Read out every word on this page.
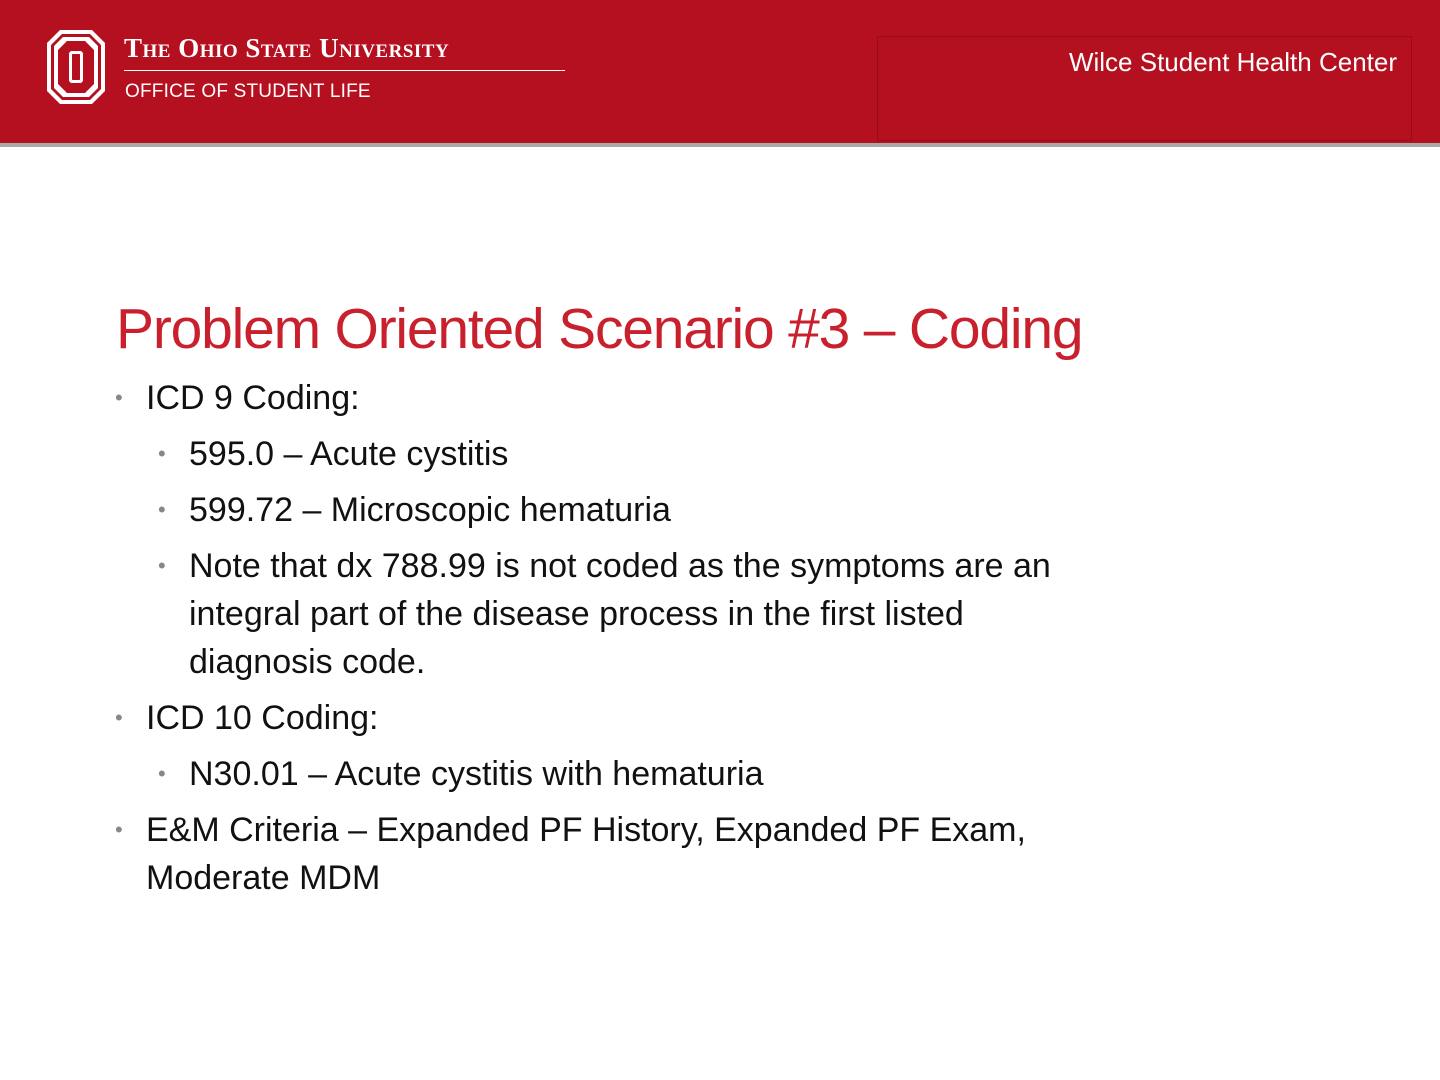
The Ohio State University
OFFICE OF STUDENT LIFE
Wilce Student Health Center
Problem Oriented Scenario #3 – Coding
• ICD 9 Coding:
• 595.0 – Acute cystitis
• 599.72 – Microscopic hematuria
• Note that dx 788.99 is not coded as the symptoms are an
integral part of the disease process in the first listed
diagnosis code.
• ICD 10 Coding:
• N30.01 – Acute cystitis with hematuria
• E&M Criteria – Expanded PF History, Expanded PF Exam,
Moderate MDM
